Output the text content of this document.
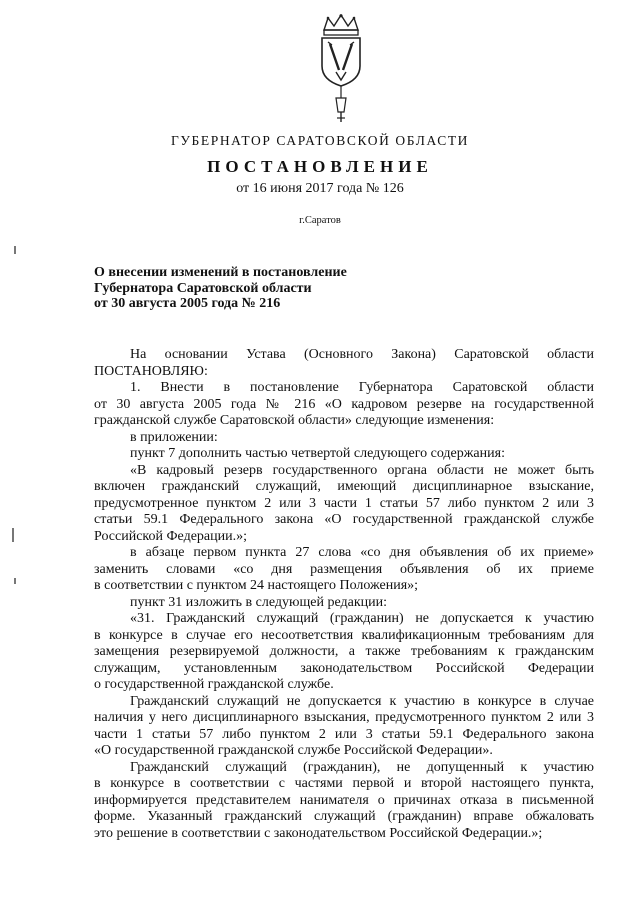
ГУБЕРНАТОР САРАТОВСКОЙ ОБЛАСТИ
ПОСТАНОВЛЕНИЕ
от 16 июня 2017 года № 126
г.Саратов
О внесении изменений в постановление
Губернатора Саратовской области
от 30 августа 2005 года № 216
На основании Устава (Основного Закона) Саратовской области
ПОСТАНОВЛЯЮ:
1. Внести в постановление Губернатора Саратовской области
от 30 августа 2005 года № 216 «О кадровом резерве на государственной
гражданской службе Саратовской области» следующие изменения:
в приложении:
пункт 7 дополнить частью четвертой следующего содержания:
«В кадровый резерв государственного органа области не может быть
включен гражданский служащий, имеющий дисциплинарное взыскание,
предусмотренное пунктом 2 или 3 части 1 статьи 57 либо пунктом 2 или 3
статьи 59.1 Федерального закона «О государственной гражданской службе
Российской Федерации.»;
в абзаце первом пункта 27 слова «со дня объявления об их приеме»
заменить словами «со дня размещения объявления об их приеме
в соответствии с пунктом 24 настоящего Положения»;
пункт 31 изложить в следующей редакции:
«31. Гражданский служащий (гражданин) не допускается к участию
в конкурсе в случае его несоответствия квалификационным требованиям для
замещения резервируемой должности, а также требованиям к гражданским
служащим, установленным законодательством Российской Федерации
о государственной гражданской службе.
Гражданский служащий не допускается к участию в конкурсе в случае
наличия у него дисциплинарного взыскания, предусмотренного пунктом 2 или 3
части 1 статьи 57 либо пунктом 2 или 3 статьи 59.1 Федерального закона
«О государственной гражданской службе Российской Федерации».
Гражданский служащий (гражданин), не допущенный к участию
в конкурсе в соответствии с частями первой и второй настоящего пункта,
информируется представителем нанимателя о причинах отказа в письменной
форме. Указанный гражданский служащий (гражданин) вправе обжаловать
это решение в соответствии с законодательством Российской Федерации.»;
